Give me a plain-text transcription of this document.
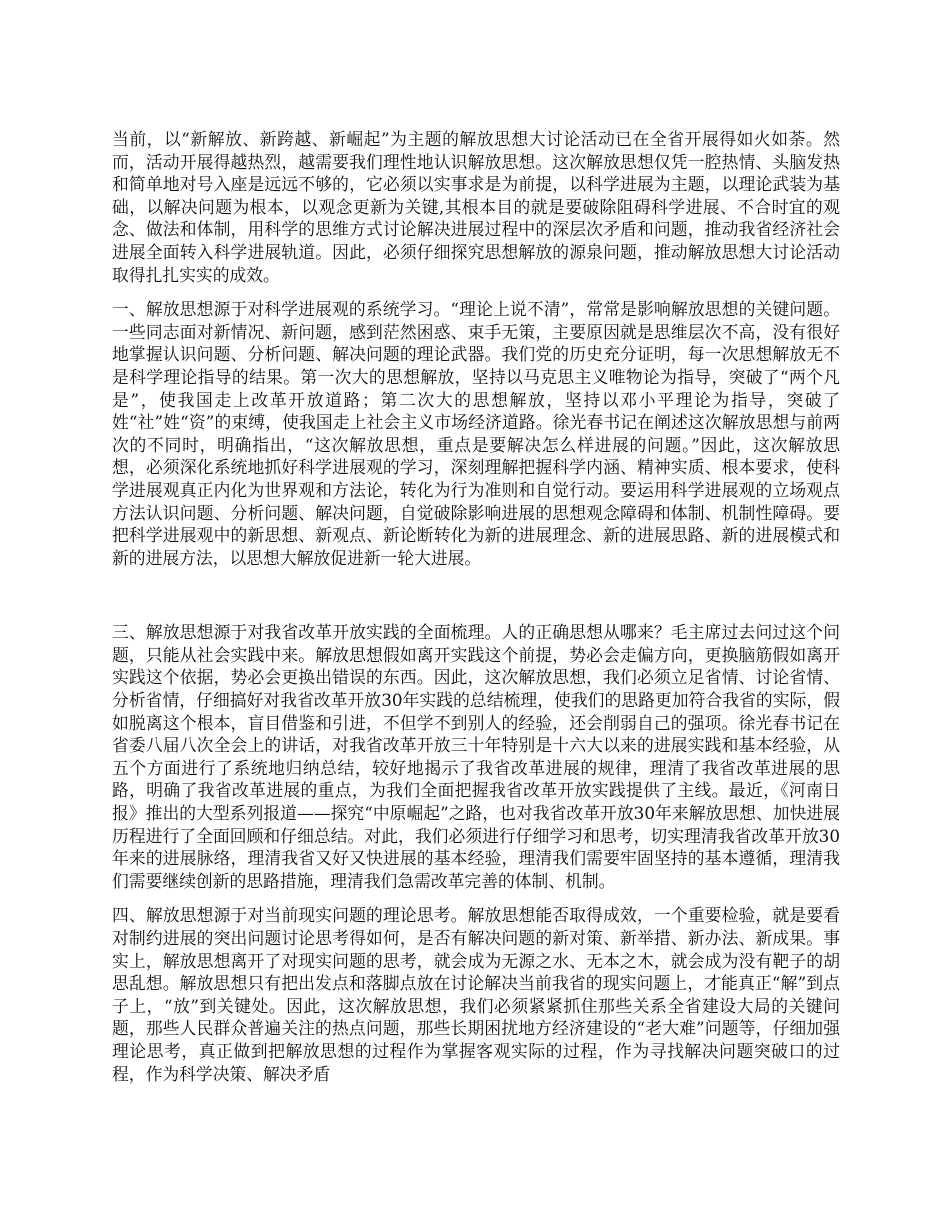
当前，以“新解放、新跨越、新崛起”为主题的解放思想大讨论活动已在全省开展得如火如荼。然而，活动开展得越热烈，越需要我们理性地认识解放思想。这次解放思想仅凭一腔热情、头脑发热和简单地对号入座是远远不够的，它必须以实事求是为前提，以科学进展为主题，以理论武装为基础，以解决问题为根本，以观念更新为关键,其根本目的就是要破除阻碍科学进展、不合时宜的观念、做法和体制，用科学的思维方式讨论解决进展过程中的深层次矛盾和问题，推动我省经济社会进展全面转入科学进展轨道。因此，必须仔细探究思想解放的源泉问题，推动解放思想大讨论活动取得扎扎实实的成效。

一、解放思想源于对科学进展观的系统学习。“理论上说不清”，常常是影响解放思想的关键问题。一些同志面对新情况、新问题，感到茫然困惑、束手无策，主要原因就是思维层次不高，没有很好地掌握认识问题、分析问题、解决问题的理论武器。我们党的历史充分证明，每一次思想解放无不是科学理论指导的结果。第一次大的思想解放，坚持以马克思主义唯物论为指导，突破了“两个凡是”，使我国走上改革开放道路；第二次大的思想解放，坚持以邓小平理论为指导，突破了姓“社”姓“资”的束缚，使我国走上社会主义市场经济道路。徐光春书记在阐述这次解放思想与前两次的不同时，明确指出，“这次解放思想，重点是要解决怎么样进展的问题。”因此，这次解放思想，必须深化系统地抓好科学进展观的学习，深刻理解把握科学内涵、精神实质、根本要求，使科学进展观真正内化为世界观和方法论，转化为行为准则和自觉行动。要运用科学进展观的立场观点方法认识问题、分析问题、解决问题，自觉破除影响进展的思想观念障碍和体制、机制性障碍。要把科学进展观中的新思想、新观点、新论断转化为新的进展理念、新的进展思路、新的进展模式和新的进展方法，以思想大解放促进新一轮大进展。

三、解放思想源于对我省改革开放实践的全面梳理。人的正确思想从哪来？毛主席过去问过这个问题，只能从社会实践中来。解放思想假如离开实践这个前提，势必会走偏方向，更换脑筋假如离开实践这个依据，势必会更换出错误的东西。因此，这次解放思想，我们必须立足省情、讨论省情、分析省情，仔细搞好对我省改革开放30年实践的总结梳理，使我们的思路更加符合我省的实际，假如脱离这个根本，盲目借鉴和引进，不但学不到别人的经验，还会削弱自己的强项。徐光春书记在省委八届八次全会上的讲话，对我省改革开放三十年特别是十六大以来的进展实践和基本经验，从五个方面进行了系统地归纳总结，较好地揭示了我省改革进展的规律，理清了我省改革进展的思路，明确了我省改革进展的重点，为我们全面把握我省改革开放实践提供了主线。最近，《河南日报》推出的大型系列报道——探究“中原崛起”之路，也对我省改革开放30年来解放思想、加快进展历程进行了全面回顾和仔细总结。对此，我们必须进行仔细学习和思考，切实理清我省改革开放30年来的进展脉络，理清我省又好又快进展的基本经验，理清我们需要牢固坚持的基本遵循，理清我们需要继续创新的思路措施，理清我们急需改革完善的体制、机制。

四、解放思想源于对当前现实问题的理论思考。解放思想能否取得成效，一个重要检验，就是要看对制约进展的突出问题讨论思考得如何，是否有解决问题的新对策、新举措、新办法、新成果。事实上，解放思想离开了对现实问题的思考，就会成为无源之水、无本之木，就会成为没有靶子的胡思乱想。解放思想只有把出发点和落脚点放在讨论解决当前我省的现实问题上，才能真正“解”到点子上，“放”到关键处。因此，这次解放思想，我们必须紧紧抓住那些关系全省建设大局的关键问题，那些人民群众普遍关注的热点问题，那些长期困扰地方经济建设的“老大难”问题等，仔细加强理论思考，真正做到把解放思想的过程作为掌握客观实际的过程，作为寻找解决问题突破口的过程，作为科学决策、解决矛盾
